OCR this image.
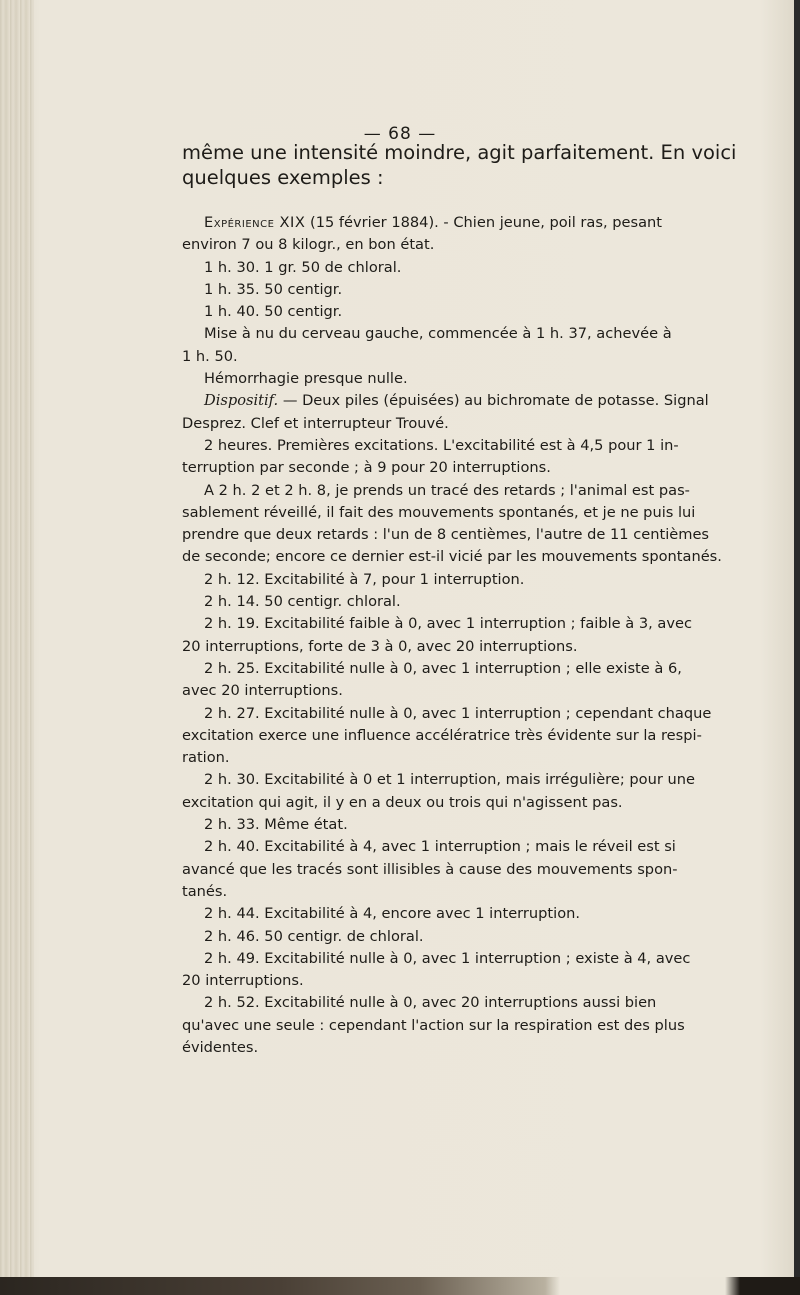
— 68 —

même une intensité moindre, agit parfaitement. En voici
quelques exemples :

Expérience XIX (15 février 1884). - Chien jeune, poil ras, pesant
environ 7 ou 8 kilogr., en bon état.
1 h. 30. 1 gr. 50 de chloral.
1 h. 35. 50 centigr.
1 h. 40. 50 centigr.
Mise à nu du cerveau gauche, commencée à 1 h. 37, achevée à
1 h. 50.
Hémorrhagie presque nulle.
Dispositif. — Deux piles (épuisées) au bichromate de potasse. Signal
Desprez. Clef et interrupteur Trouvé.
2 heures. Premières excitations. L'excitabilité est à 4,5 pour 1 in-
terruption par seconde ; à 9 pour 20 interruptions.
A 2 h. 2 et 2 h. 8, je prends un tracé des retards ; l'animal est pas-
sablement réveillé, il fait des mouvements spontanés, et je ne puis lui
prendre que deux retards : l'un de 8 centièmes, l'autre de 11 centièmes
de seconde; encore ce dernier est-il vicié par les mouvements spontanés.
2 h. 12. Excitabilité à 7, pour 1 interruption.
2 h. 14. 50 centigr. chloral.
2 h. 19. Excitabilité faible à 0, avec 1 interruption ; faible à 3, avec
20 interruptions, forte de 3 à 0, avec 20 interruptions.
2 h. 25. Excitabilité nulle à 0, avec 1 interruption ; elle existe à 6,
avec 20 interruptions.
2 h. 27. Excitabilité nulle à 0, avec 1 interruption ; cependant chaque
excitation exerce une influence accélératrice très évidente sur la respi-
ration.
2 h. 30. Excitabilité à 0 et 1 interruption, mais irrégulière; pour une
excitation qui agit, il y en a deux ou trois qui n'agissent pas.
2 h. 33. Même état.
2 h. 40. Excitabilité à 4, avec 1 interruption ; mais le réveil est si
avancé que les tracés sont illisibles à cause des mouvements spon-
tanés.
2 h. 44. Excitabilité à 4, encore avec 1 interruption.
2 h. 46. 50 centigr. de chloral.
2 h. 49. Excitabilité nulle à 0, avec 1 interruption ; existe à 4, avec
20 interruptions.
2 h. 52. Excitabilité nulle à 0, avec 20 interruptions aussi bien
qu'avec une seule : cependant l'action sur la respiration est des plus
évidentes.
